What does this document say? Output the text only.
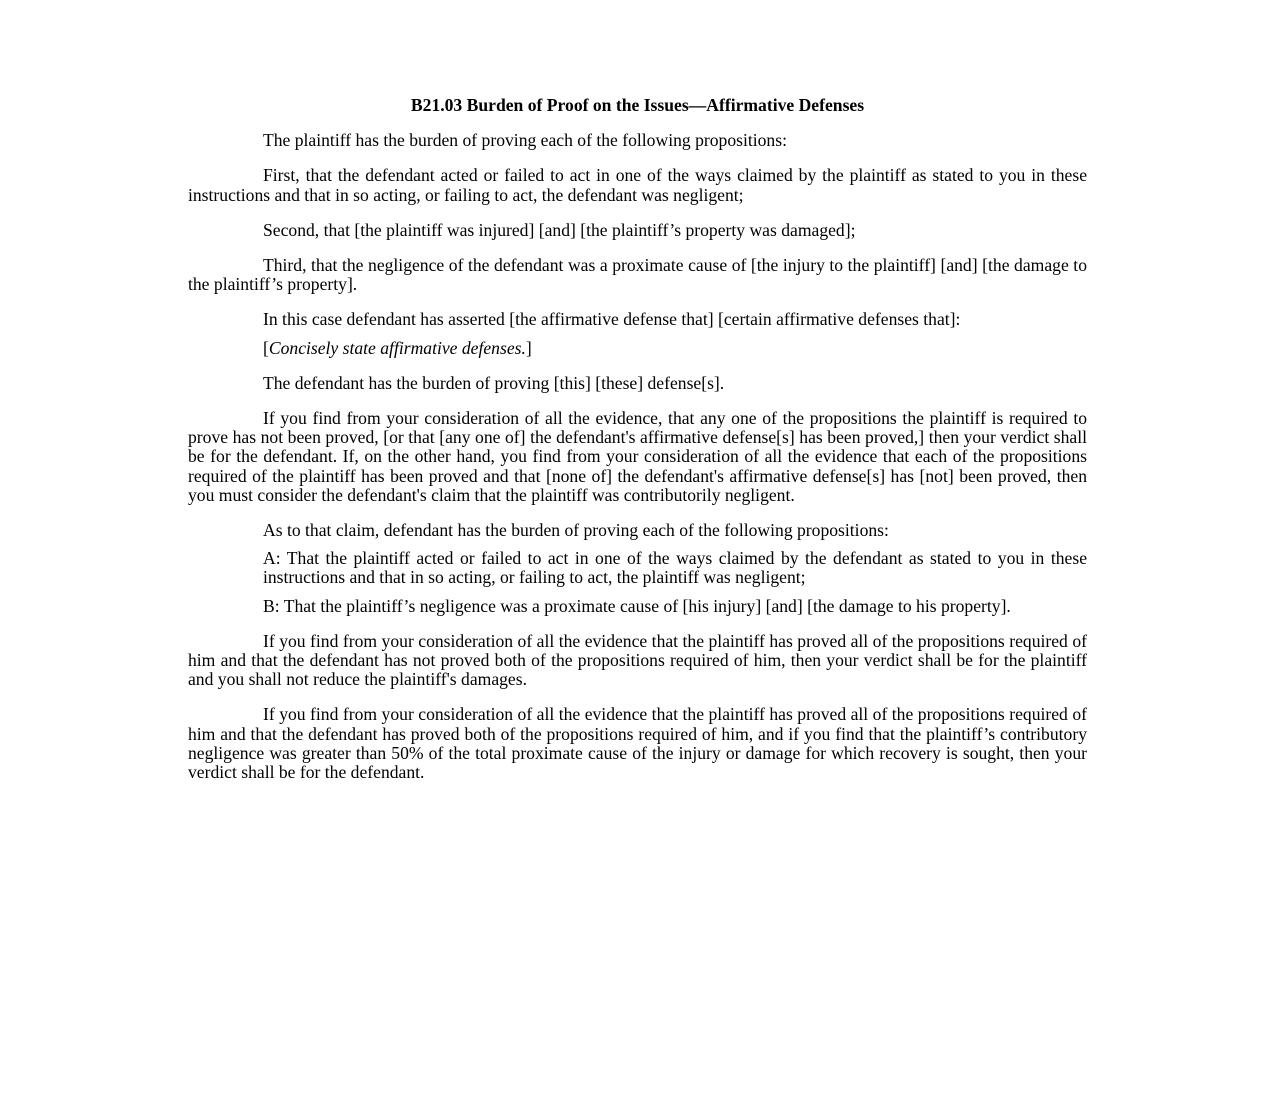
B21.03 Burden of Proof on the Issues—Affirmative Defenses

The plaintiff has the burden of proving each of the following propositions:

First, that the defendant acted or failed to act in one of the ways claimed by the plaintiff as stated to you in these instructions and that in so acting, or failing to act, the defendant was negligent;

Second, that [the plaintiff was injured] [and] [the plaintiff’s property was damaged];

Third, that the negligence of the defendant was a proximate cause of [the injury to the plaintiff] [and] [the damage to the plaintiff’s property].

In this case defendant has asserted [the affirmative defense that] [certain affirmative defenses that]:

[Concisely state affirmative defenses.]

The defendant has the burden of proving [this] [these] defense[s].

If you find from your consideration of all the evidence, that any one of the propositions the plaintiff is required to prove has not been proved, [or that [any one of] the defendant's affirmative defense[s] has been proved,] then your verdict shall be for the defendant. If, on the other hand, you find from your consideration of all the evidence that each of the propositions required of the plaintiff has been proved and that [none of] the defendant's affirmative defense[s] has [not] been proved, then you must consider the defendant's claim that the plaintiff was contributorily negligent.

As to that claim, defendant has the burden of proving each of the following propositions:

A: That the plaintiff acted or failed to act in one of the ways claimed by the defendant as stated to you in these instructions and that in so acting, or failing to act, the plaintiff was negligent;

B: That the plaintiff’s negligence was a proximate cause of [his injury] [and] [the damage to his property].

If you find from your consideration of all the evidence that the plaintiff has proved all of the propositions required of him and that the defendant has not proved both of the propositions required of him, then your verdict shall be for the plaintiff and you shall not reduce the plaintiff's damages.

If you find from your consideration of all the evidence that the plaintiff has proved all of the propositions required of him and that the defendant has proved both of the propositions required of him, and if you find that the plaintiff’s contributory negligence was greater than 50% of the total proximate cause of the injury or damage for which recovery is sought, then your verdict shall be for the defendant.
